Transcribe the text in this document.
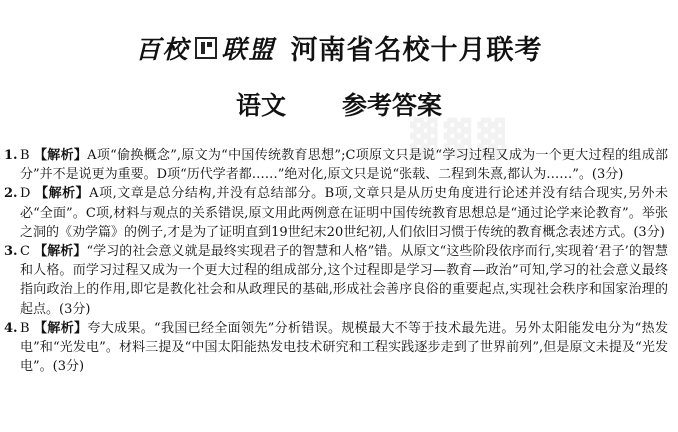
百校 联盟 河南省名校十月联考
语文 参考答案
▓▓▓
1. B 【解析】A项“偷换概念”,原文为“中国传统教育思想”;C项原文只是说“学习过程又成为一个更大过程的组成部分”并不是说更为重要。D项“历代学者都……”绝对化,原文只是说“张载、二程到朱熹,都认为……”。(3分)
2. D 【解析】A项,文章是总分结构,并没有总结部分。B项,文章只是从历史角度进行论述并没有结合现实,另外未必“全面”。C项,材料与观点的关系错误,原文用此两例意在证明中国传统教育思想总是“通过论学来论教育”。举张之洞的《劝学篇》的例子,才是为了证明直到19世纪末20世纪初,人们依旧习惯于传统的教育概念表述方式。(3分)
3. C 【解析】“学习的社会意义就是最终实现君子的智慧和人格”错。从原文“这些阶段依序而行,实现着‘君子’的智慧和人格。而学习过程又成为一个更大过程的组成部分,这个过程即是学习—教育—政治”可知,学习的社会意义最终指向政治上的作用,即它是教化社会和从政理民的基础,形成社会善序良俗的重要起点,实现社会秩序和国家治理的起点。(3分)
4. B 【解析】夸大成果。“我国已经全面领先”分析错误。规模最大不等于技术最先进。另外太阳能发电分为“热发电”和“光发电”。材料三提及“中国太阳能热发电技术研究和工程实践逐步走到了世界前列”,但是原文未提及“光发电”。(3分)
